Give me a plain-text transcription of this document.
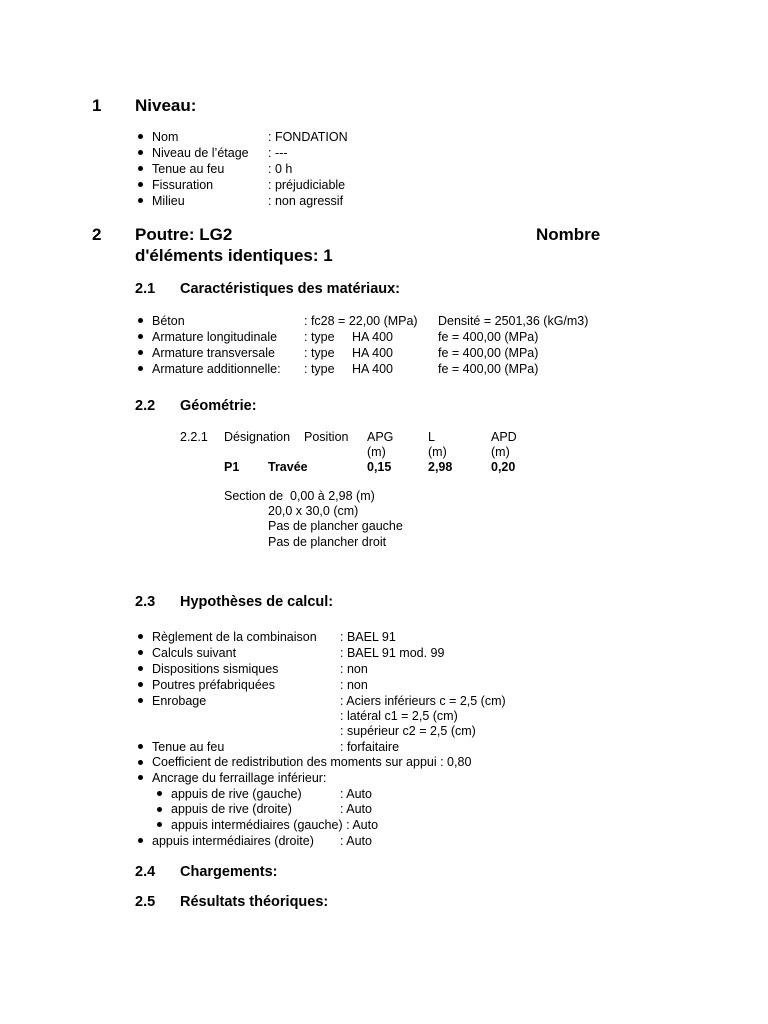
1 Niveau:
Nom	: FONDATION
Niveau de l’étage : ---
Tenue au feu	: 0 h
Fissuration	: préjudiciable
Milieu	: non agressif
2 Poutre: LG2	Nombre
d'éléments identiques: 1
2.1 Caractéristiques des matériaux:
Béton	: fc28 = 22,00 (MPa) Densité = 2501,36 (kG/m3)
Armature longitudinale : type HA 400	fe = 400,00 (MPa)
Armature transversale : type HA 400	fe = 400,00 (MPa)
Armature additionnelle: : type HA 400	fe = 400,00 (MPa)
2.2 Géométrie:
2.2.1 Désignation Position APG	L	APD
(m)	(m)	(m)
P1 Travée	0,15	2,98	0,20
Section de 0,00 à 2,98 (m)
20,0 x 30,0 (cm)
Pas de plancher gauche
Pas de plancher droit
2.3 Hypothèses de calcul:
Règlement de la combinaison : BAEL 91
Calculs suivant	: BAEL 91 mod. 99
Dispositions sismiques	: non
Poutres préfabriquées	: non
Enrobage	: Aciers inférieurs c = 2,5 (cm)
: latéral c1 = 2,5 (cm)
: supérieur c2 = 2,5 (cm)
Tenue au feu	: forfaitaire
Coefficient de redistribution des moments sur appui : 0,80
Ancrage du ferraillage inférieur:
appuis de rive (gauche)	: Auto
appuis de rive (droite)	: Auto
appuis intermédiaires (gauche) : Auto
appuis intermédiaires (droite) : Auto
2.4 Chargements:
2.5 Résultats théoriques:
